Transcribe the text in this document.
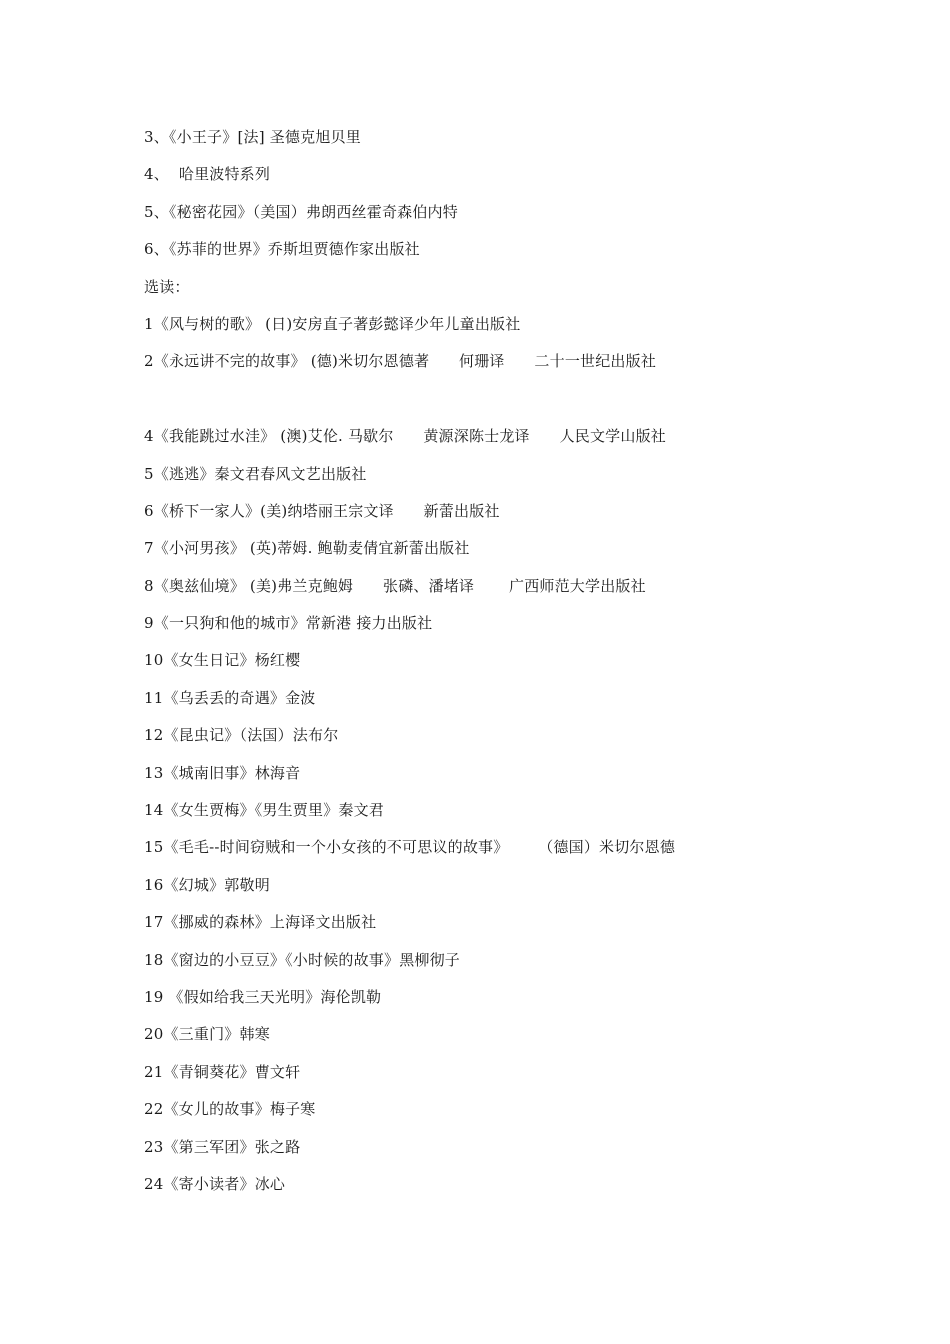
3、《小王子》[法] 圣德克旭贝里
4、  哈里波特系列
5、《秘密花园》（美国）弗朗西丝霍奇森伯内特
6、《苏菲的世界》乔斯坦贾德作家出版社
选读：
1《风与树的歌》 (日)安房直子著彭懿译少年儿童出版社
2《永远讲不完的故事》 (德)米切尔恩德著      何珊译      二十一世纪出版社
4《我能跳过水洼》 (澳)艾伦. 马歇尔      黄源深陈士龙译      人民文学山版社
5《逃逃》秦文君春风文艺出版社
6《桥下一家人》(美)纳塔丽王宗文译      新蕾出版社
7《小河男孩》 (英)蒂姆. 鲍勒麦倩宜新蕾出版社
8《奥兹仙境》 (美)弗兰克鲍姆      张磷、潘堵译       广西师范大学出版社
9《一只狗和他的城市》常新港 接力出版社
10《女生日记》杨红樱
11《乌丢丢的奇遇》金波
12《昆虫记》（法国）法布尔
13《城南旧事》林海音
14《女生贾梅》《男生贾里》秦文君
15《毛毛--时间窃贼和一个小女孩的不可思议的故事》      （德国）米切尔恩德
16《幻城》郭敬明
17《挪威的森林》上海译文出版社
18《窗边的小豆豆》《小时候的故事》黑柳彻子
19 《假如给我三天光明》海伦凯勒
20《三重门》韩寒
21《青铜葵花》曹文轩
22《女儿的故事》梅子寒
23《第三军团》张之路
24《寄小读者》冰心
